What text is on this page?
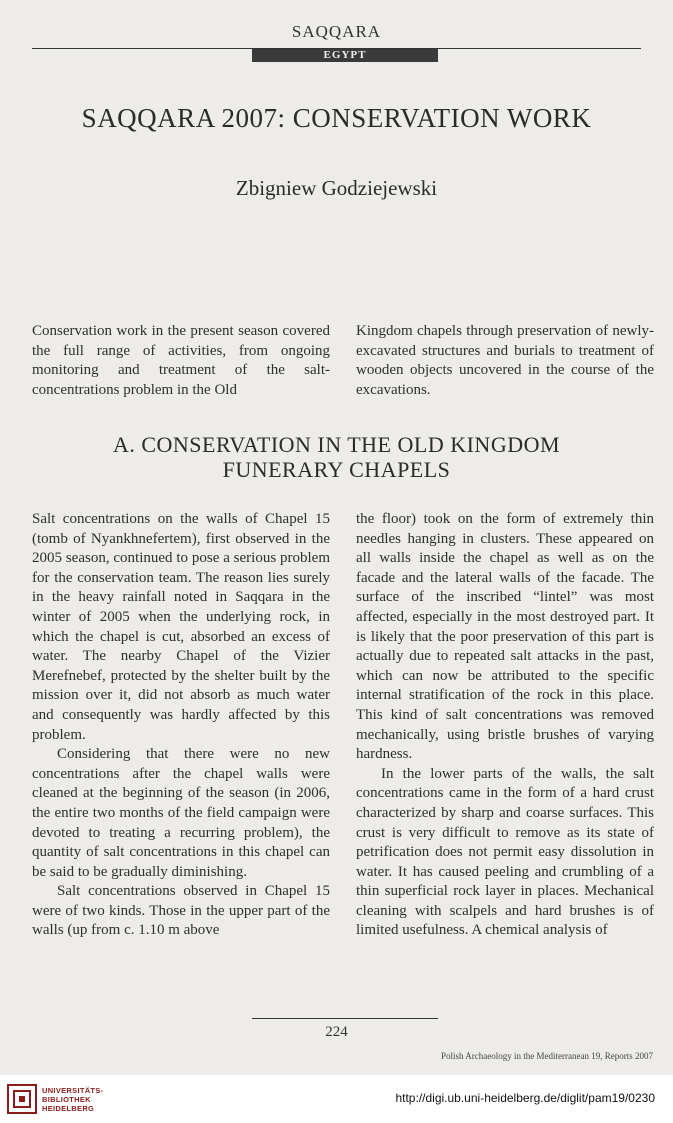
SAQQARA
EGYPT
SAQQARA 2007: CONSERVATION WORK
Zbigniew Godziejewski

Conservation work in the present season covered the full range of activities, from ongoing monitoring and treatment of the salt-concentrations problem in the Old

Kingdom chapels through preservation of newly-excavated structures and burials to treatment of wooden objects uncovered in the course of the excavations.

A. CONSERVATION IN THE OLD KINGDOM
FUNERARY CHAPELS

Salt concentrations on the walls of Chapel 15 (tomb of Nyankhnefertem), first observed in the 2005 season, continued to pose a serious problem for the conservation team. The reason lies surely in the heavy rainfall noted in Saqqara in the winter of 2005 when the underlying rock, in which the chapel is cut, absorbed an excess of water. The nearby Chapel of the Vizier Merefnebef, protected by the shelter built by the mission over it, did not absorb as much water and consequently was hardly affected by this problem.

Considering that there were no new concentrations after the chapel walls were cleaned at the beginning of the season (in 2006, the entire two months of the field campaign were devoted to treating a recurring problem), the quantity of salt concentrations in this chapel can be said to be gradually diminishing.

Salt concentrations observed in Chapel 15 were of two kinds. Those in the upper part of the walls (up from c. 1.10 m above

the floor) took on the form of extremely thin needles hanging in clusters. These appeared on all walls inside the chapel as well as on the facade and the lateral walls of the facade. The surface of the inscribed “lintel” was most affected, especially in the most destroyed part. It is likely that the poor preservation of this part is actually due to repeated salt attacks in the past, which can now be attributed to the specific internal stratification of the rock in this place. This kind of salt concentrations was removed mechanically, using bristle brushes of varying hardness.

In the lower parts of the walls, the salt concentrations came in the form of a hard crust characterized by sharp and coarse surfaces. This crust is very difficult to remove as its state of petrification does not permit easy dissolution in water. It has caused peeling and crumbling of a thin superficial rock layer in places. Mechanical cleaning with scalpels and hard brushes is of limited usefulness. A chemical analysis of

224
Polish Archaeology in the Mediterranean 19, Reports 2007
UNIVERSITÄTS-
BIBLIOTHEK
HEIDELBERG
http://digi.ub.uni-heidelberg.de/diglit/pam19/0230
